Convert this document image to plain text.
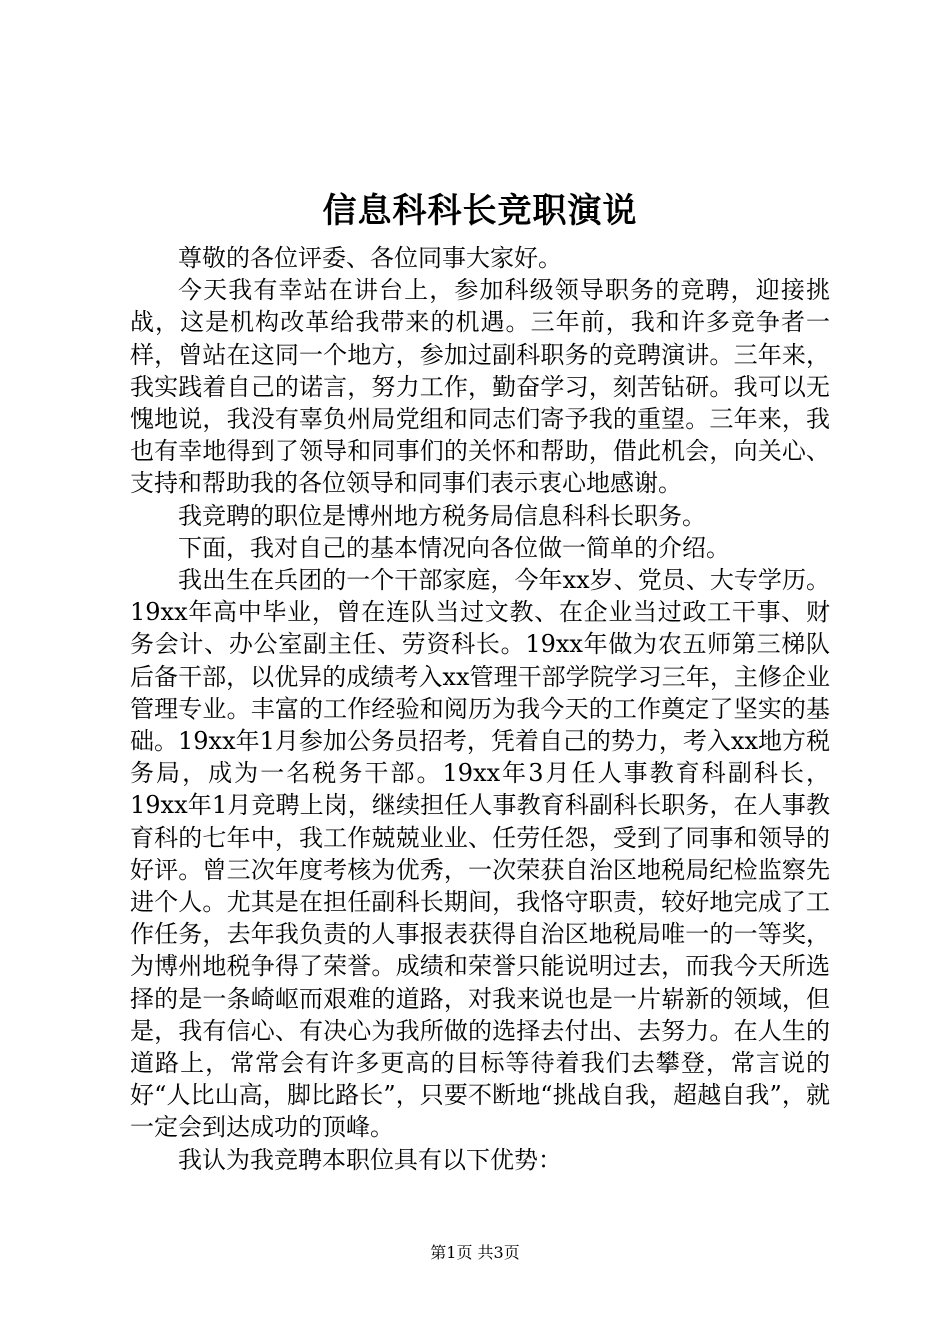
信息科科长竞职演说

尊敬的各位评委、各位同事大家好。

今天我有幸站在讲台上，参加科级领导职务的竞聘，迎接挑战，这是机构改革给我带来的机遇。三年前，我和许多竞争者一样，曾站在这同一个地方，参加过副科职务的竞聘演讲。三年来，我实践着自己的诺言，努力工作，勤奋学习，刻苦钻研。我可以无愧地说，我没有辜负州局党组和同志们寄予我的重望。三年来，我也有幸地得到了领导和同事们的关怀和帮助，借此机会，向关心、支持和帮助我的各位领导和同事们表示衷心地感谢。

我竞聘的职位是博州地方税务局信息科科长职务。

下面，我对自己的基本情况向各位做一简单的介绍。

我出生在兵团的一个干部家庭，今年xx岁、党员、大专学历。19xx年高中毕业，曾在连队当过文教、在企业当过政工干事、财务会计、办公室副主任、劳资科长。19xx年做为农五师第三梯队后备干部，以优异的成绩考入xx管理干部学院学习三年，主修企业管理专业。丰富的工作经验和阅历为我今天的工作奠定了坚实的基础。19xx年1月参加公务员招考，凭着自己的势力，考入xx地方税务局，成为一名税务干部。19xx年3月任人事教育科副科长，19xx年1月竞聘上岗，继续担任人事教育科副科长职务，在人事教育科的七年中，我工作兢兢业业、任劳任怨，受到了同事和领导的好评。曾三次年度考核为优秀，一次荣获自治区地税局纪检监察先进个人。尤其是在担任副科长期间，我恪守职责，较好地完成了工作任务，去年我负责的人事报表获得自治区地税局唯一的一等奖，为博州地税争得了荣誉。成绩和荣誉只能说明过去，而我今天所选择的是一条崎岖而艰难的道路，对我来说也是一片崭新的领域，但是，我有信心、有决心为我所做的选择去付出、去努力。在人生的道路上，常常会有许多更高的目标等待着我们去攀登，常言说的好“人比山高，脚比路长”，只要不断地“挑战自我，超越自我”，就一定会到达成功的顶峰。

我认为我竞聘本职位具有以下优势：

第1页 共3页
